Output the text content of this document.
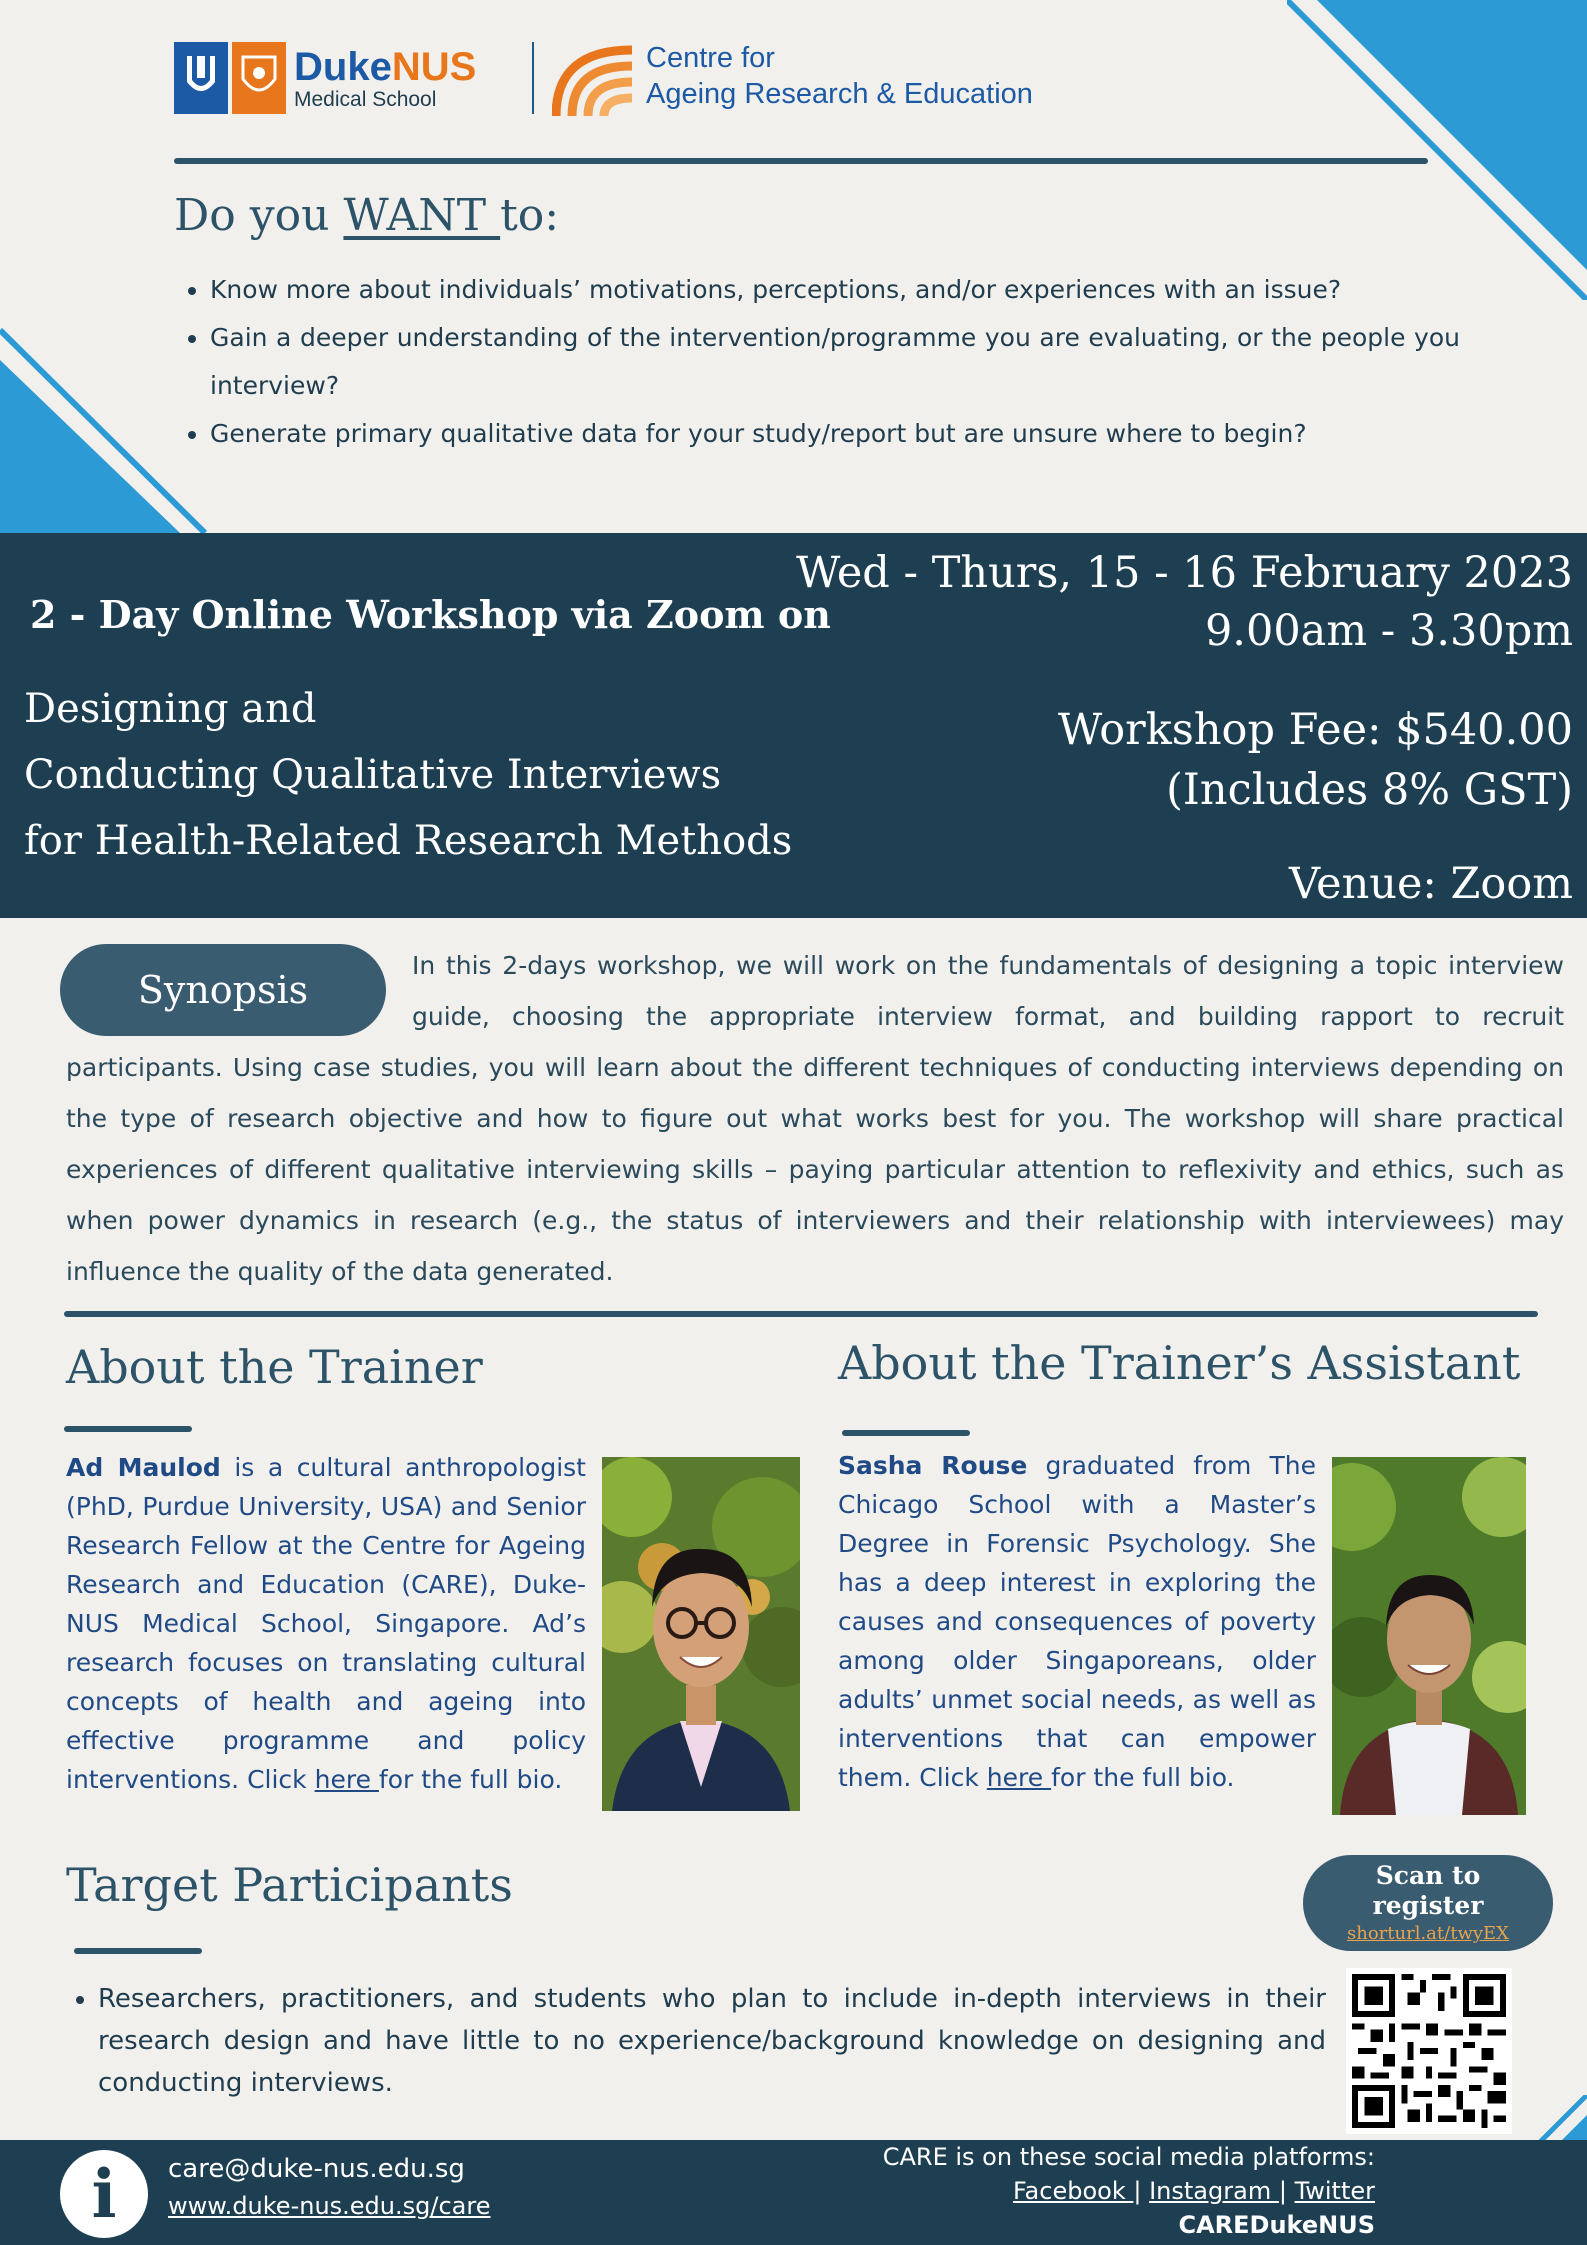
DukeNUS
Medical School
Centre for
Ageing Research & Education
Do you WANT to:
• Know more about individuals’ motivations, perceptions, and/or experiences with an issue?
• Gain a deeper understanding of the intervention/programme you are evaluating, or the people you interview?
• Generate primary qualitative data for your study/report but are unsure where to begin?
2 - Day Online Workshop via Zoom on
Designing and
Conducting Qualitative Interviews
for Health-Related Research Methods
Wed - Thurs, 15 - 16 February 2023
9.00am - 3.30pm
Workshop Fee: $540.00
(Includes 8% GST)
Venue: Zoom

In this 2-days workshop, we will work on the fundamentals of designing a topic interview guide, choosing the appropriate interview format, and building rapport to recruit participants. Using case studies, you will learn about the different techniques of conducting interviews depending on the type of research objective and how to figure out what works best for you. The workshop will share practical experiences of different qualitative interviewing skills – paying particular attention to reflexivity and ethics, such as when power dynamics in research (e.g., the status of interviewers and their relationship with interviewees) may influence the quality of the data generated.

Synopsis
About the Trainer

Ad Maulod is a cultural anthropologist (PhD, Purdue University, USA) and Senior Research Fellow at the Centre for Ageing Research and Education (CARE), Duke-NUS Medical School, Singapore. Ad’s research focuses on translating cultural concepts of health and ageing into effective programme and policy interventions. Click here for the full bio.

About the Trainer’s Assistant

Sasha Rouse graduated from The Chicago School with a Master’s Degree in Forensic Psychology. She has a deep interest in exploring the causes and consequences of poverty among older Singaporeans, older adults’ unmet social needs, as well as interventions that can empower them. Click here for the full bio.

Target Participants
• Researchers, practitioners, and students who plan to include in-depth interviews in their research design and have little to no experience/background knowledge on designing and conducting interviews.
Scan to
register
shorturl.at/twyEX
i	care@duke-nus.edu.sg
www.duke-nus.edu.sg/care
CARE is on these social media platforms:
Facebook | Instagram | Twitter
CAREDukeNUS
